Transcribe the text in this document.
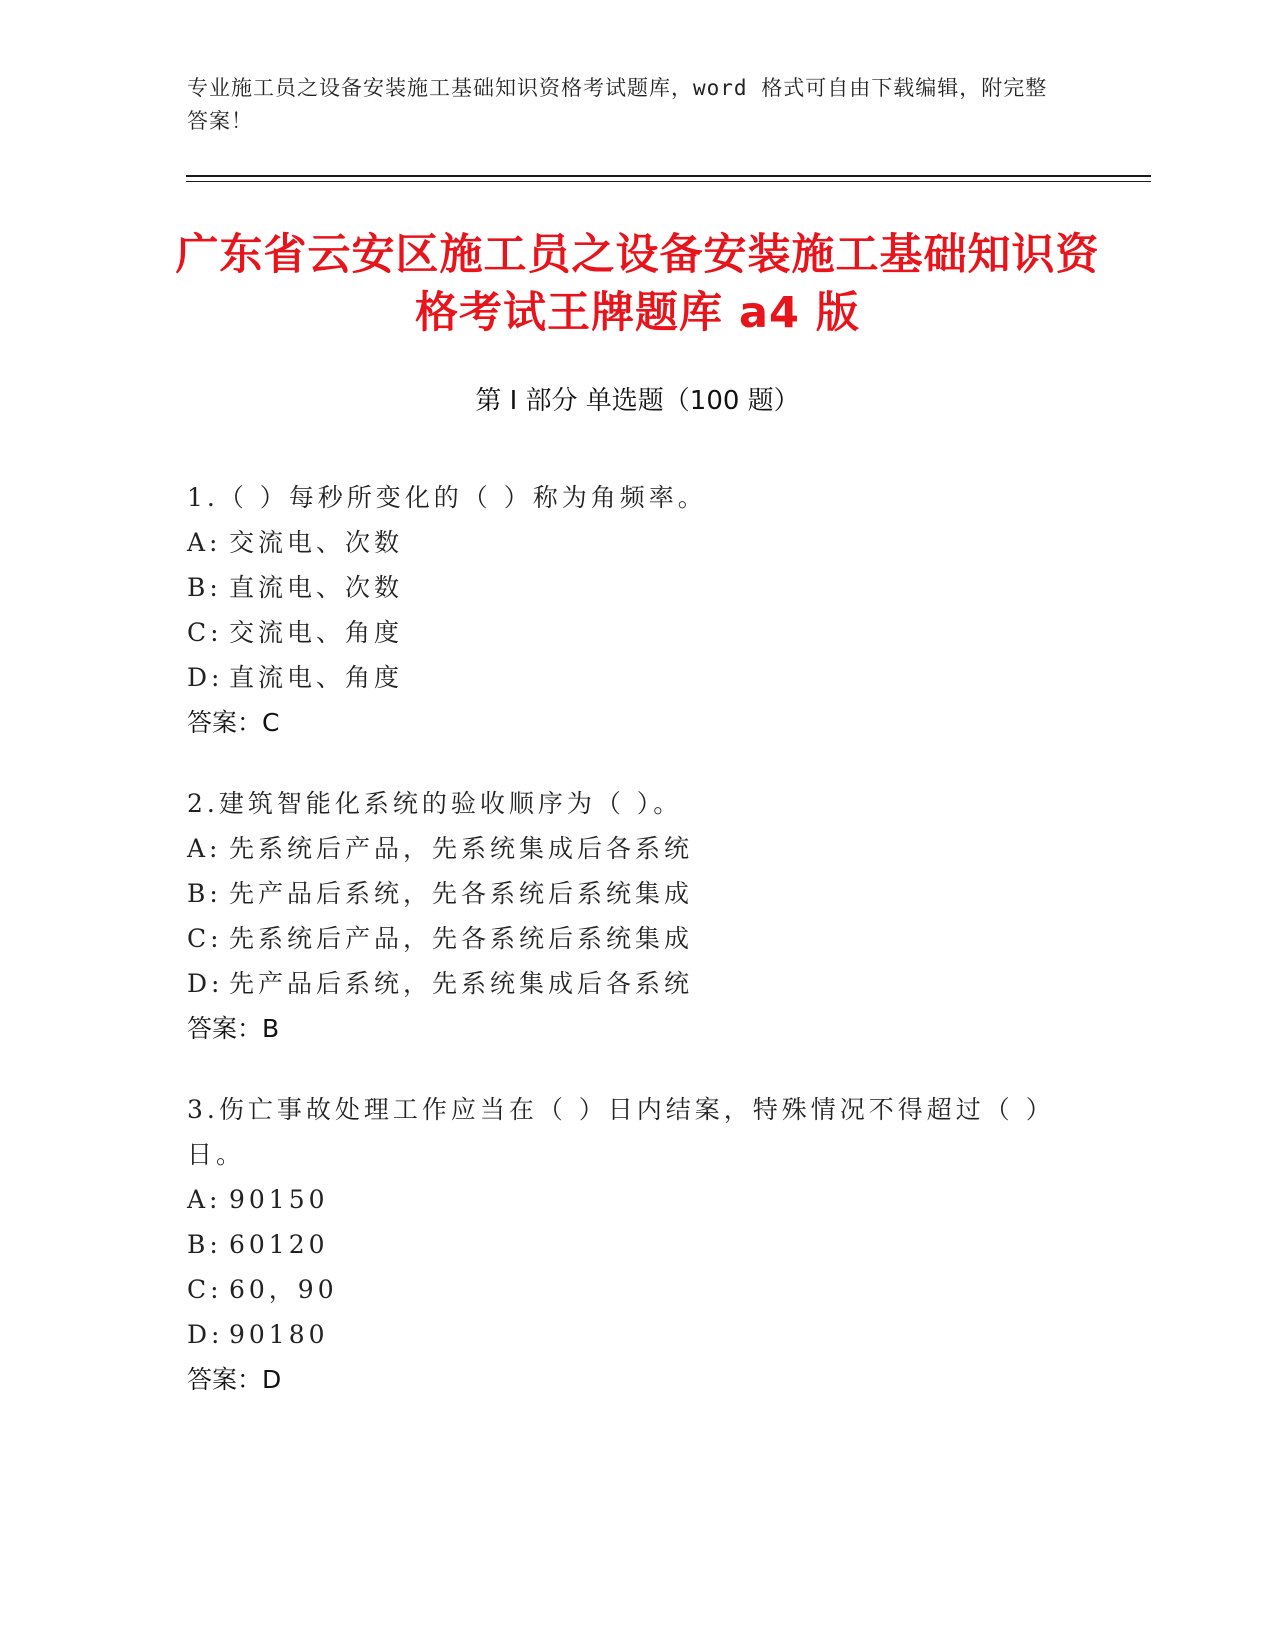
专业施工员之设备安装施工基础知识资格考试题库，word 格式可自由下载编辑，附完整答案！
广东省云安区施工员之设备安装施工基础知识资格考试王牌题库 a4 版
第 I 部分 单选题（100 题）

1.（ ）每秒所变化的（ ）称为角频率。

A: 交流电、次数

B: 直流电、次数

C: 交流电、角度

D: 直流电、角度

答案：C

2.建筑智能化系统的验收顺序为（ ）。

A: 先系统后产品，先系统集成后各系统

B: 先产品后系统，先各系统后系统集成

C: 先系统后产品，先各系统后系统集成

D: 先产品后系统，先系统集成后各系统

答案：B

3.伤亡事故处理工作应当在（ ）日内结案，特殊情况不得超过（ ）日。

A: 90150

B: 60120

C: 60，90

D: 90180

答案：D
